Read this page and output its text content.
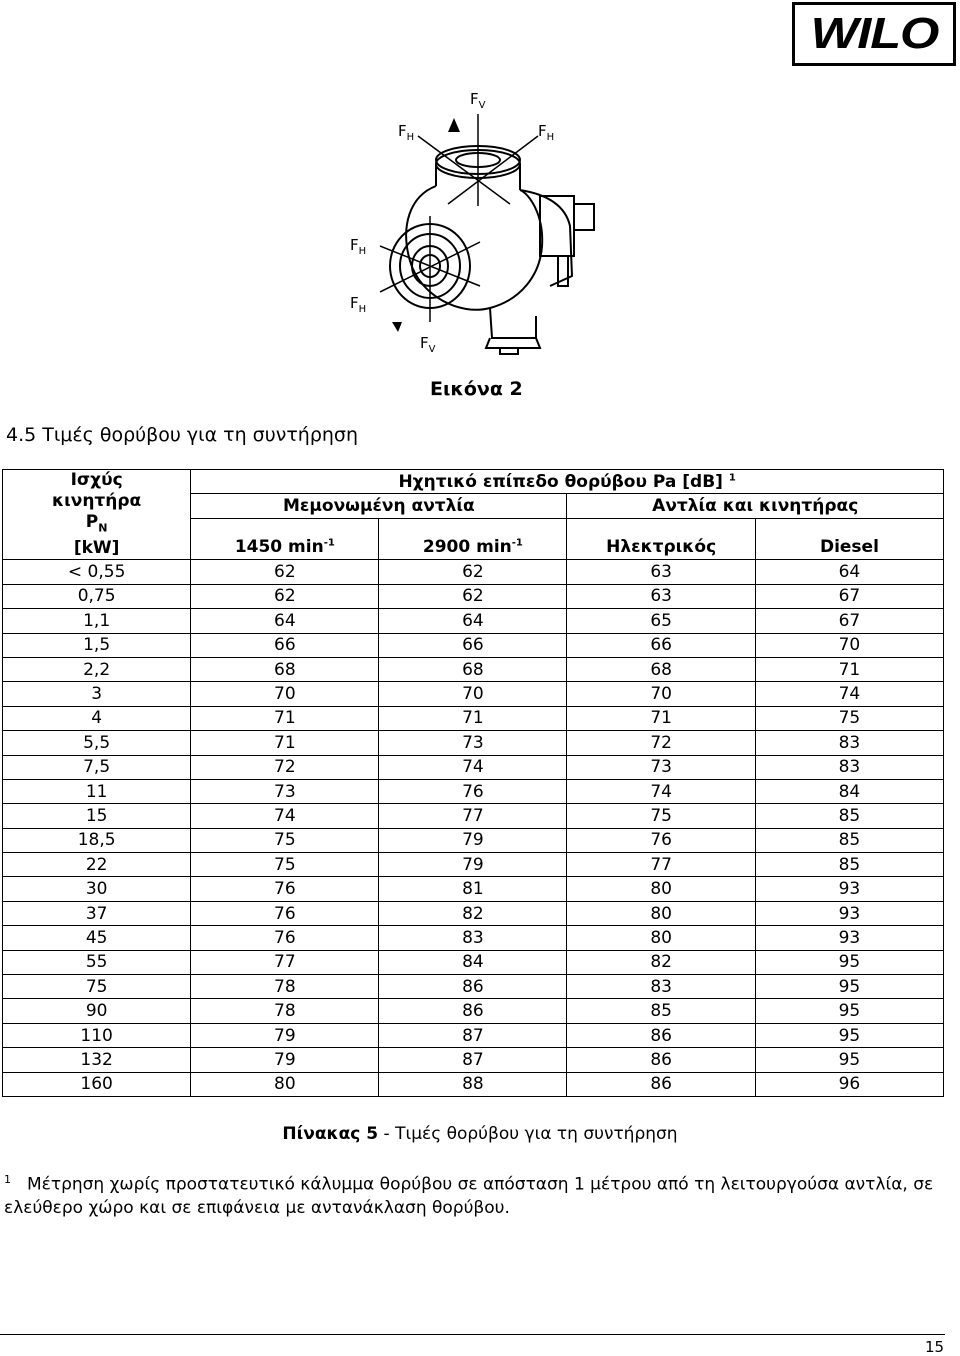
WILO
$F_V$
$F_H$	$F_H$
$F_H$
$F_H$
$F_V$
Εικόνα 2
4.5 Τιμές θορύβου για τη συντήρηση
Ισχύς
κινητήρα
$P_N$
[kW]	Ηχητικό επίπεδο θορύβου Pa [dB] $^1$
	Μεμονωμένη αντλία		Αντλία και κινητήρας	
	1450 $\min^{-1}$	2900 $\min^{-1}$	Ηλεκτρικός	Diesel
< 0,55	62	62	63	64
0,75	62	62	63	67
1,1	64	64	65	67
1,5	66	66	66	70
2,2	68	68	68	71
3	70	70	70	74
4	71	71	71	75
5,5	71	73	72	83
7,5	72	74	73	83
11	73	76	74	84
15	74	77	75	85
18,5	75	79	76	85
22	75	79	77	85
30	76	81	80	93
37	76	82	80	93
45	76	83	80	93
55	77	84	82	95
75	78	86	83	95
90	78	86	85	95
110	79	87	86	95
132	79	87	86	95
160	80	88	86	96
Πίνακας 5 - Τιμές θορύβου για τη συντήρηση
$^1$ Μέτρηση χωρίς προστατευτικό κάλυμμα θορύβου σε απόσταση 1 μέτρου από τη λειτουργούσα αντλία, σε ελεύθερο χώρο και σε επιφάνεια με αντανάκλαση θορύβου.
15
